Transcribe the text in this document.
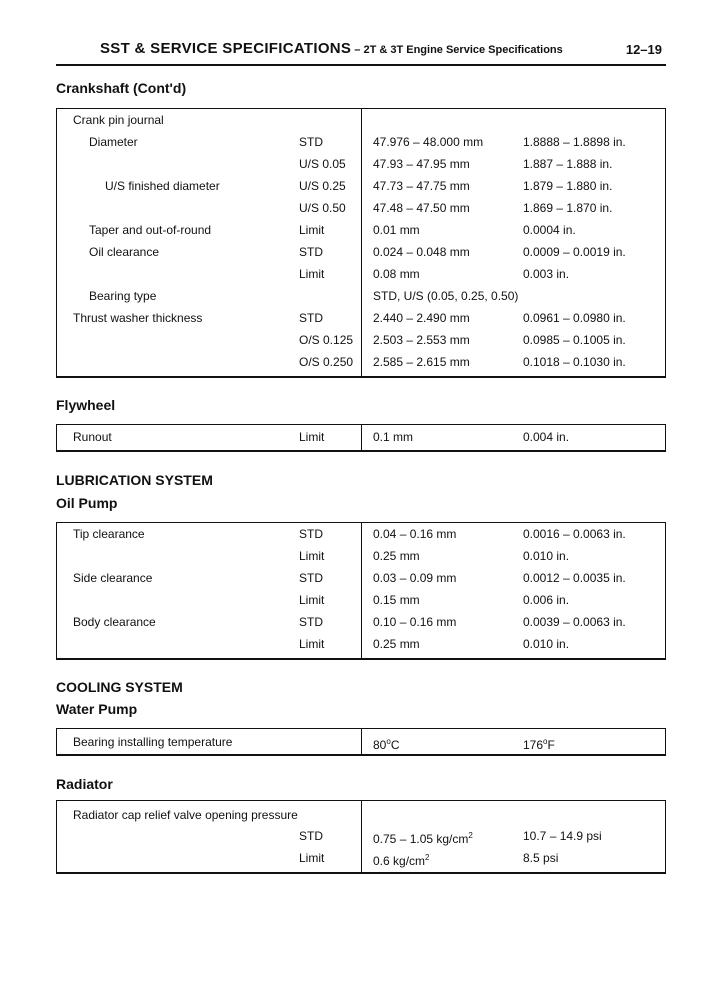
SST & SERVICE SPECIFICATIONS – 2T & 3T Engine Service Specifications	12–19
Crankshaft (Cont'd)
Crank pin journal
Diameter	STD	47.976 – 48.000 mm	1.8888 – 1.8898 in.
U/S 0.05 47.93 – 47.95 mm	1.887 – 1.888 in.
U/S finished diameter	U/S 0.25 47.73 – 47.75 mm	1.879 – 1.880 in.
U/S 0.50 47.48 – 47.50 mm	1.869 – 1.870 in.
Taper and out-of-round	Limit	0.01 mm	0.0004 in.
Oil clearance	STD	0.024 – 0.048 mm	0.0009 – 0.0019 in.
Limit	0.08 mm	0.003 in.
Bearing type	STD, U/S (0.05, 0.25, 0.50)
Thrust washer thickness	STD	2.440 – 2.490 mm	0.0961 – 0.0980 in.
O/S 0.125 2.503 – 2.553 mm	0.0985 – 0.1005 in.
O/S 0.250 2.585 – 2.615 mm	0.1018 – 0.1030 in.
Flywheel
Runout	Limit	0.1 mm	0.004 in.
LUBRICATION SYSTEM
Oil Pump
Tip clearance	STD	0.04 – 0.16 mm	0.0016 – 0.0063 in.
Limit	0.25 mm	0.010 in.
Side clearance	STD	0.03 – 0.09 mm	0.0012 – 0.0035 in.
Limit	0.15 mm	0.006 in.
Body clearance	STD	0.10 – 0.16 mm	0.0039 – 0.0063 in.
Limit	0.25 mm	0.010 in.
COOLING SYSTEM
Water Pump
Bearing installing temperature	80$^o$C	176$^o$F
Radiator
Radiator cap relief valve opening pressure
STD	0.75 – 1.05 $kg/cm^2$	10.7 – 14.9 psi
Limit	0.6 $kg/cm^2$	8.5 psi
